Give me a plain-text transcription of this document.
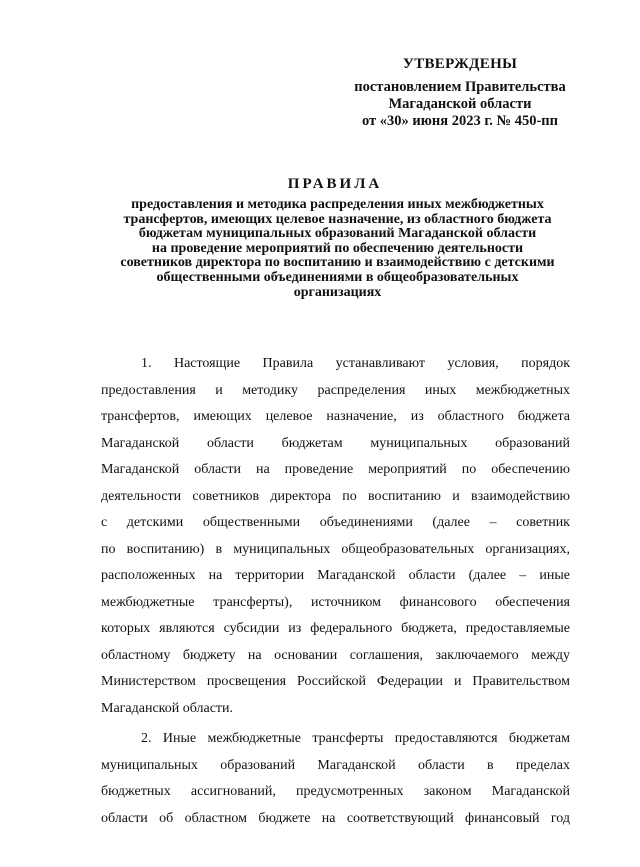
УТВЕРЖДЕНЫ
постановлением Правительства
Магаданской области
от «30» июня 2023 г. № 450-пп
ПРАВИЛА
предоставления и методика распределения иных межбюджетных
трансфертов, имеющих целевое назначение, из областного бюджета
бюджетам муниципальных образований Магаданской области
на проведение мероприятий по обеспечению деятельности
советников директора по воспитанию и взаимодействию с детскими
общественными объединениями в общеобразовательных
организациях
1. Настоящие Правила устанавливают условия, порядок
предоставления и методику распределения иных межбюджетных
трансфертов, имеющих целевое назначение, из областного бюджета
Магаданской области бюджетам муниципальных образований
Магаданской области на проведение мероприятий по обеспечению
деятельности советников директора по воспитанию и взаимодействию
с детскими общественными объединениями (далее – советник
по воспитанию) в муниципальных общеобразовательных организациях,
расположенных на территории Магаданской области (далее – иные
межбюджетные трансферты), источником финансового обеспечения
которых являются субсидии из федерального бюджета, предоставляемые
областному бюджету на основании соглашения, заключаемого между
Министерством просвещения Российской Федерации и Правительством
Магаданской области.
2. Иные межбюджетные трансферты предоставляются бюджетам
муниципальных образований Магаданской области в пределах
бюджетных ассигнований, предусмотренных законом Магаданской
области об областном бюджете на соответствующий финансовый год
